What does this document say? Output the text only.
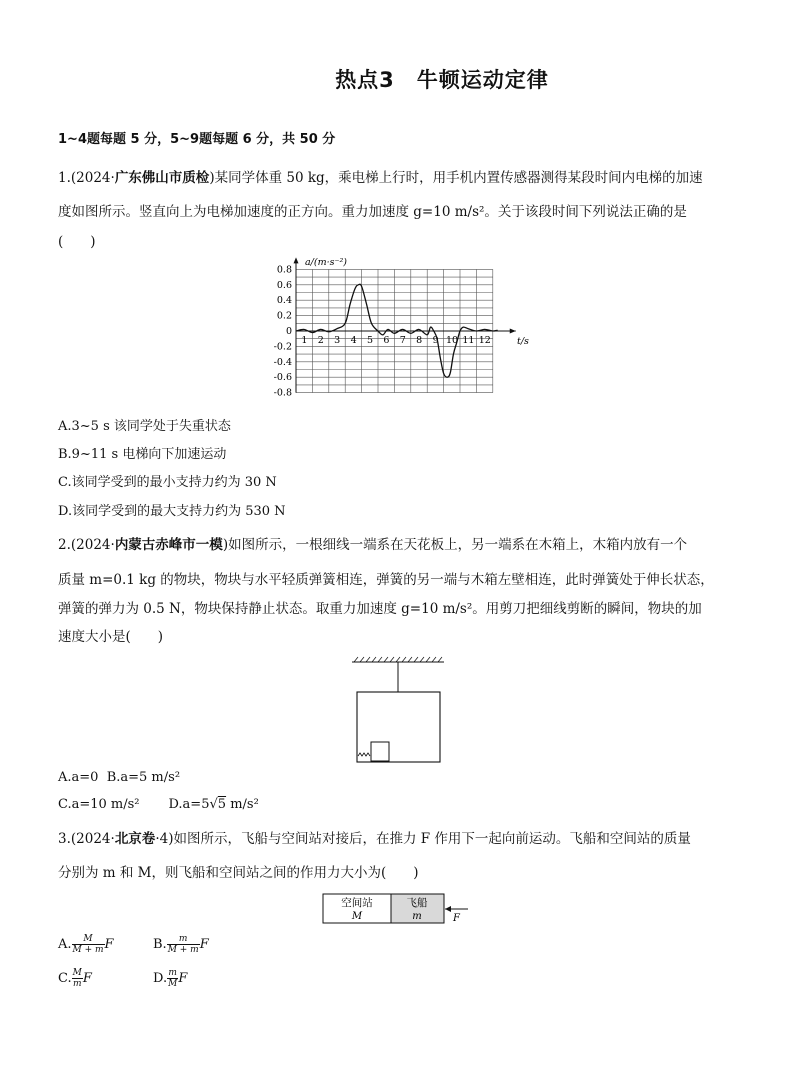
热点3　牛顿运动定律
1~4题每题 5 分，5~9题每题 6 分，共 50 分
1.(2024·广东佛山市质检)某同学体重 50 kg，乘电梯上行时，用手机内置传感器测得某段时间内电梯的加速
度如图所示。竖直向上为电梯加速度的正方向。重力加速度 g=10 m/s²。关于该段时间下列说法正确的是
(　　)
0.8
0.6
0.4
0.2
0
-0.2
-0.4
-0.6
-0.8
1 2 3 4 5 6 7 8 9 10 11 12
a/(m·s⁻²)
t/s
A.3~5 s 该同学处于失重状态
B.9~11 s 电梯向下加速运动
C.该同学受到的最小支持力约为 30 N
D.该同学受到的最大支持力约为 530 N
2.(2024·内蒙古赤峰市一模)如图所示，一根细线一端系在天花板上，另一端系在木箱上，木箱内放有一个
质量 m=0.1 kg 的物块，物块与水平轻质弹簧相连，弹簧的另一端与木箱左壁相连，此时弹簧处于伸长状态，
弹簧的弹力为 0.5 N，物块保持静止状态。取重力加速度 g=10 m/s²。用剪刀把细线剪断的瞬间，物块的加
速度大小是(　　)
A.a=0 B.a=5 m/s²
C.a=10 m/s² D.a=5√5 m/s²
3.(2024·北京卷·4)如图所示，飞船与空间站对接后，在推力 F 作用下一起向前运动。飞船和空间站的质量
分别为 m 和 M，则飞船和空间站之间的作用力大小为(　　)
空间站
M
飞船
m	F
A. $\frac{M}{M + m}$ F	B. $\frac{m}{M + m}$ F
C. $\frac{M}{m}$ F	D. $\frac{m}{M}$ F
